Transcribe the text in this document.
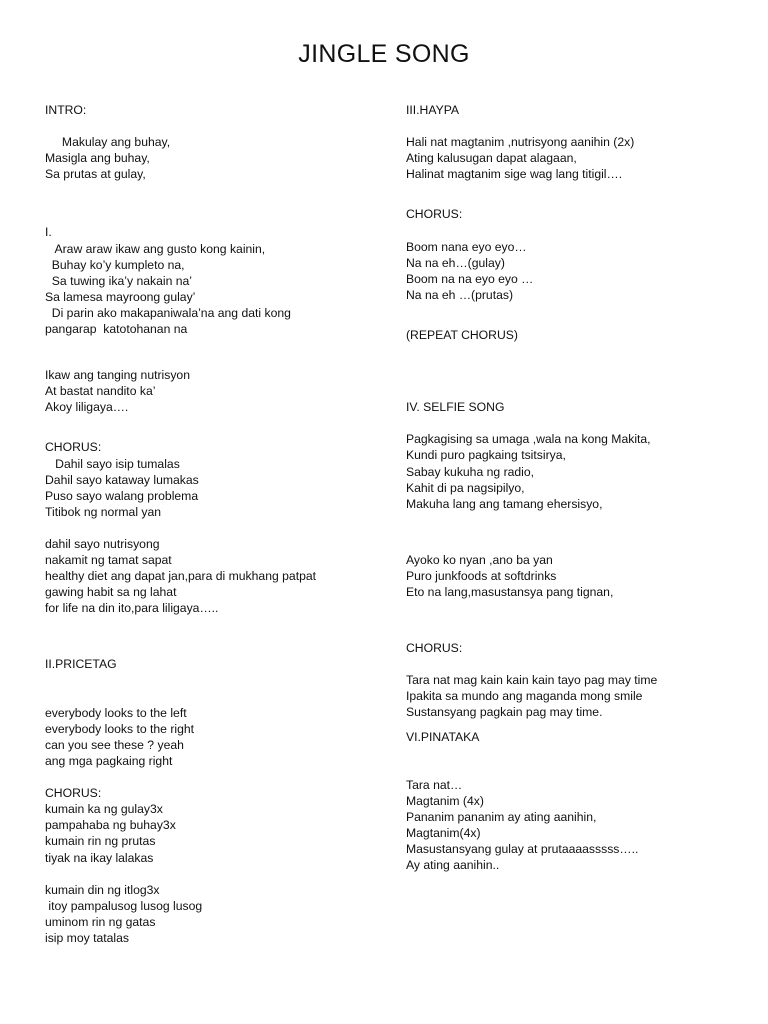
JINGLE SONG
INTRO:
Makulay ang buhay,
Masigla ang buhay,
Sa prutas at gulay,
I.
Araw araw ikaw ang gusto kong kainin,
Buhay ko’y kumpleto na,
Sa tuwing ika’y nakain na’
Sa lamesa mayroong gulay’
Di parin ako makapaniwala’na ang dati kong
pangarap  katotohanan na
Ikaw ang tanging nutrisyon
At bastat nandito ka’
Akoy liligaya….
CHORUS:
Dahil sayo isip tumalas
Dahil sayo kataway lumakas
Puso sayo walang problema
Titibok ng normal yan
dahil sayo nutrisyong
nakamit ng tamat sapat
healthy diet ang dapat jan,para di mukhang patpat
gawing habit sa ng lahat
for life na din ito,para liligaya…..
II.PRICETAG
everybody looks to the left
everybody looks to the right
can you see these ? yeah
ang mga pagkaing right
CHORUS:
kumain ka ng gulay3x
pampahaba ng buhay3x
kumain rin ng prutas
tiyak na ikay lalakas
kumain din ng itlog3x
itoy pampalusog lusog lusog
uminom rin ng gatas
isip moy tatalas
III.HAYPA
Hali nat magtanim ,nutrisyong aanihin (2x)
Ating kalusugan dapat alagaan,
Halinat magtanim sige wag lang titigil….
CHORUS:
Boom nana eyo eyo…
Na na eh…(gulay)
Boom na na eyo eyo …
Na na eh …(prutas)
(REPEAT CHORUS)
IV. SELFIE SONG
Pagkagising sa umaga ,wala na kong Makita,
Kundi puro pagkaing tsitsirya,
Sabay kukuha ng radio,
Kahit di pa nagsipilyo,
Makuha lang ang tamang ehersisyo,
Ayoko ko nyan ,ano ba yan
Puro junkfoods at softdrinks
Eto na lang,masustansya pang tignan,
CHORUS:
Tara nat mag kain kain kain tayo pag may time
Ipakita sa mundo ang maganda mong smile
Sustansyang pagkain pag may time.
VI.PINATAKA
Tara nat…
Magtanim (4x)
Pananim pananim ay ating aanihin,
Magtanim(4x)
Masustansyang gulay at prutaaaasssss…..
Ay ating aanihin..
